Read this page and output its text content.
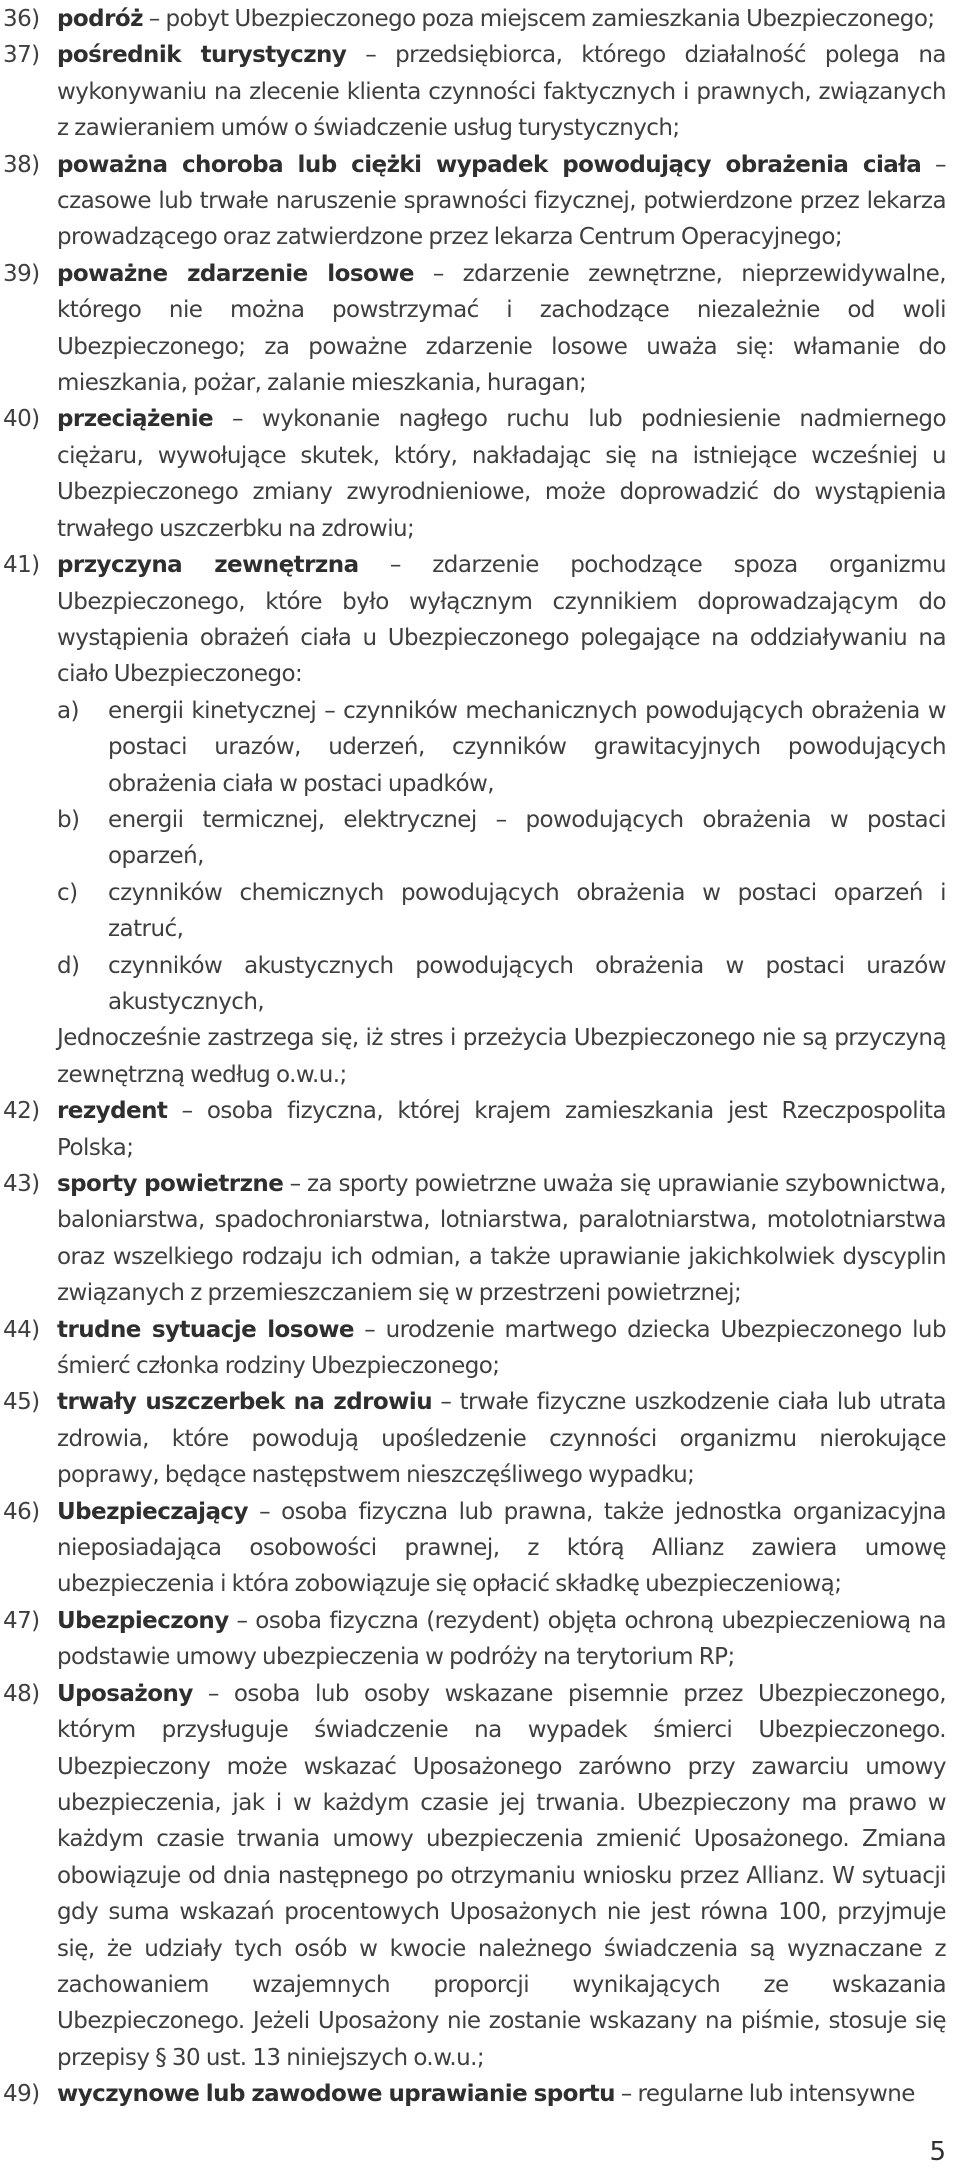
36) podróż – pobyt Ubezpieczonego poza miejscem zamieszkania Ubezpieczonego;

37) pośrednik turystyczny – przedsiębiorca, którego działalność polega na wykonywaniu na zlecenie klienta czynności faktycznych i prawnych, związanych z zawieraniem umów o świadczenie usług turystycznych;

38) poważna choroba lub ciężki wypadek powodujący obrażenia ciała – czasowe lub trwałe naruszenie sprawności fizycznej, potwierdzone przez lekarza prowadzącego oraz zatwierdzone przez lekarza Centrum Operacyjnego;

39) poważne zdarzenie losowe – zdarzenie zewnętrzne, nieprzewidywalne, którego nie można powstrzymać i zachodzące niezależnie od woli Ubezpieczonego; za poważne zdarzenie losowe uważa się: włamanie do mieszkania, pożar, zalanie mieszkania, huragan;

40) przeciążenie – wykonanie nagłego ruchu lub podniesienie nadmiernego ciężaru, wywołujące skutek, który, nakładając się na istniejące wcześniej u Ubezpieczonego zmiany zwyrodnieniowe, może doprowadzić do wystąpienia trwałego uszczerbku na zdrowiu;

41) przyczyna zewnętrzna – zdarzenie pochodzące spoza organizmu Ubezpieczonego, które było wyłącznym czynnikiem doprowadzającym do wystąpienia obrażeń ciała u Ubezpieczonego polegające na oddziaływaniu na ciało Ubezpieczonego:

a)	energii kinetycznej – czynników mechanicznych powodujących obrażenia w postaci urazów, uderzeń, czynników grawitacyjnych powodujących obrażenia ciała w postaci upadków,

b)	energii termicznej, elektrycznej – powodujących obrażenia w postaci oparzeń,

c)	czynników chemicznych powodujących obrażenia w postaci oparzeń i zatruć,

d)	czynników akustycznych powodujących obrażenia w postaci urazów akustycznych,

Jednocześnie zastrzega się, iż stres i przeżycia Ubezpieczonego nie są przyczyną zewnętrzną według o.w.u.;

42) rezydent – osoba fizyczna, której krajem zamieszkania jest Rzeczpospolita Polska;

43) sporty powietrzne – za sporty powietrzne uważa się uprawianie szybownictwa, baloniarstwa, spadochroniarstwa, lotniarstwa, paralotniarstwa, motolotniarstwa oraz wszelkiego rodzaju ich odmian, a także uprawianie jakichkolwiek dyscyplin związanych z przemieszczaniem się w przestrzeni powietrznej;

44) trudne sytuacje losowe – urodzenie martwego dziecka Ubezpieczonego lub śmierć członka rodziny Ubezpieczonego;

45) trwały uszczerbek na zdrowiu – trwałe fizyczne uszkodzenie ciała lub utrata zdrowia, które powodują upośledzenie czynności organizmu nierokujące poprawy, będące następstwem nieszczęśliwego wypadku;

46) Ubezpieczający – osoba fizyczna lub prawna, także jednostka organizacyjna nieposiadająca osobowości prawnej, z którą Allianz zawiera umowę ubezpieczenia i która zobowiązuje się opłacić składkę ubezpieczeniową;

47) Ubezpieczony – osoba fizyczna (rezydent) objęta ochroną ubezpieczeniową na podstawie umowy ubezpieczenia w podróży na terytorium RP;

48) Uposażony – osoba lub osoby wskazane pisemnie przez Ubezpieczonego, którym przysługuje świadczenie na wypadek śmierci Ubezpieczonego. Ubezpieczony może wskazać Uposażonego zarówno przy zawarciu umowy ubezpieczenia, jak i w każdym czasie jej trwania. Ubezpieczony ma prawo w każdym czasie trwania umowy ubezpieczenia zmienić Uposażonego. Zmiana obowiązuje od dnia następnego po otrzymaniu wniosku przez Allianz. W sytuacji gdy suma wskazań procentowych Uposażonych nie jest równa 100, przyjmuje się, że udziały tych osób w kwocie należnego świadczenia są wyznaczane z zachowaniem wzajemnych proporcji wynikających ze wskazania Ubezpieczonego. Jeżeli Uposażony nie zostanie wskazany na piśmie, stosuje się przepisy § 30 ust. 13 niniejszych o.w.u.;

49) wyczynowe lub zawodowe uprawianie sportu – regularne lub intensywne

5
